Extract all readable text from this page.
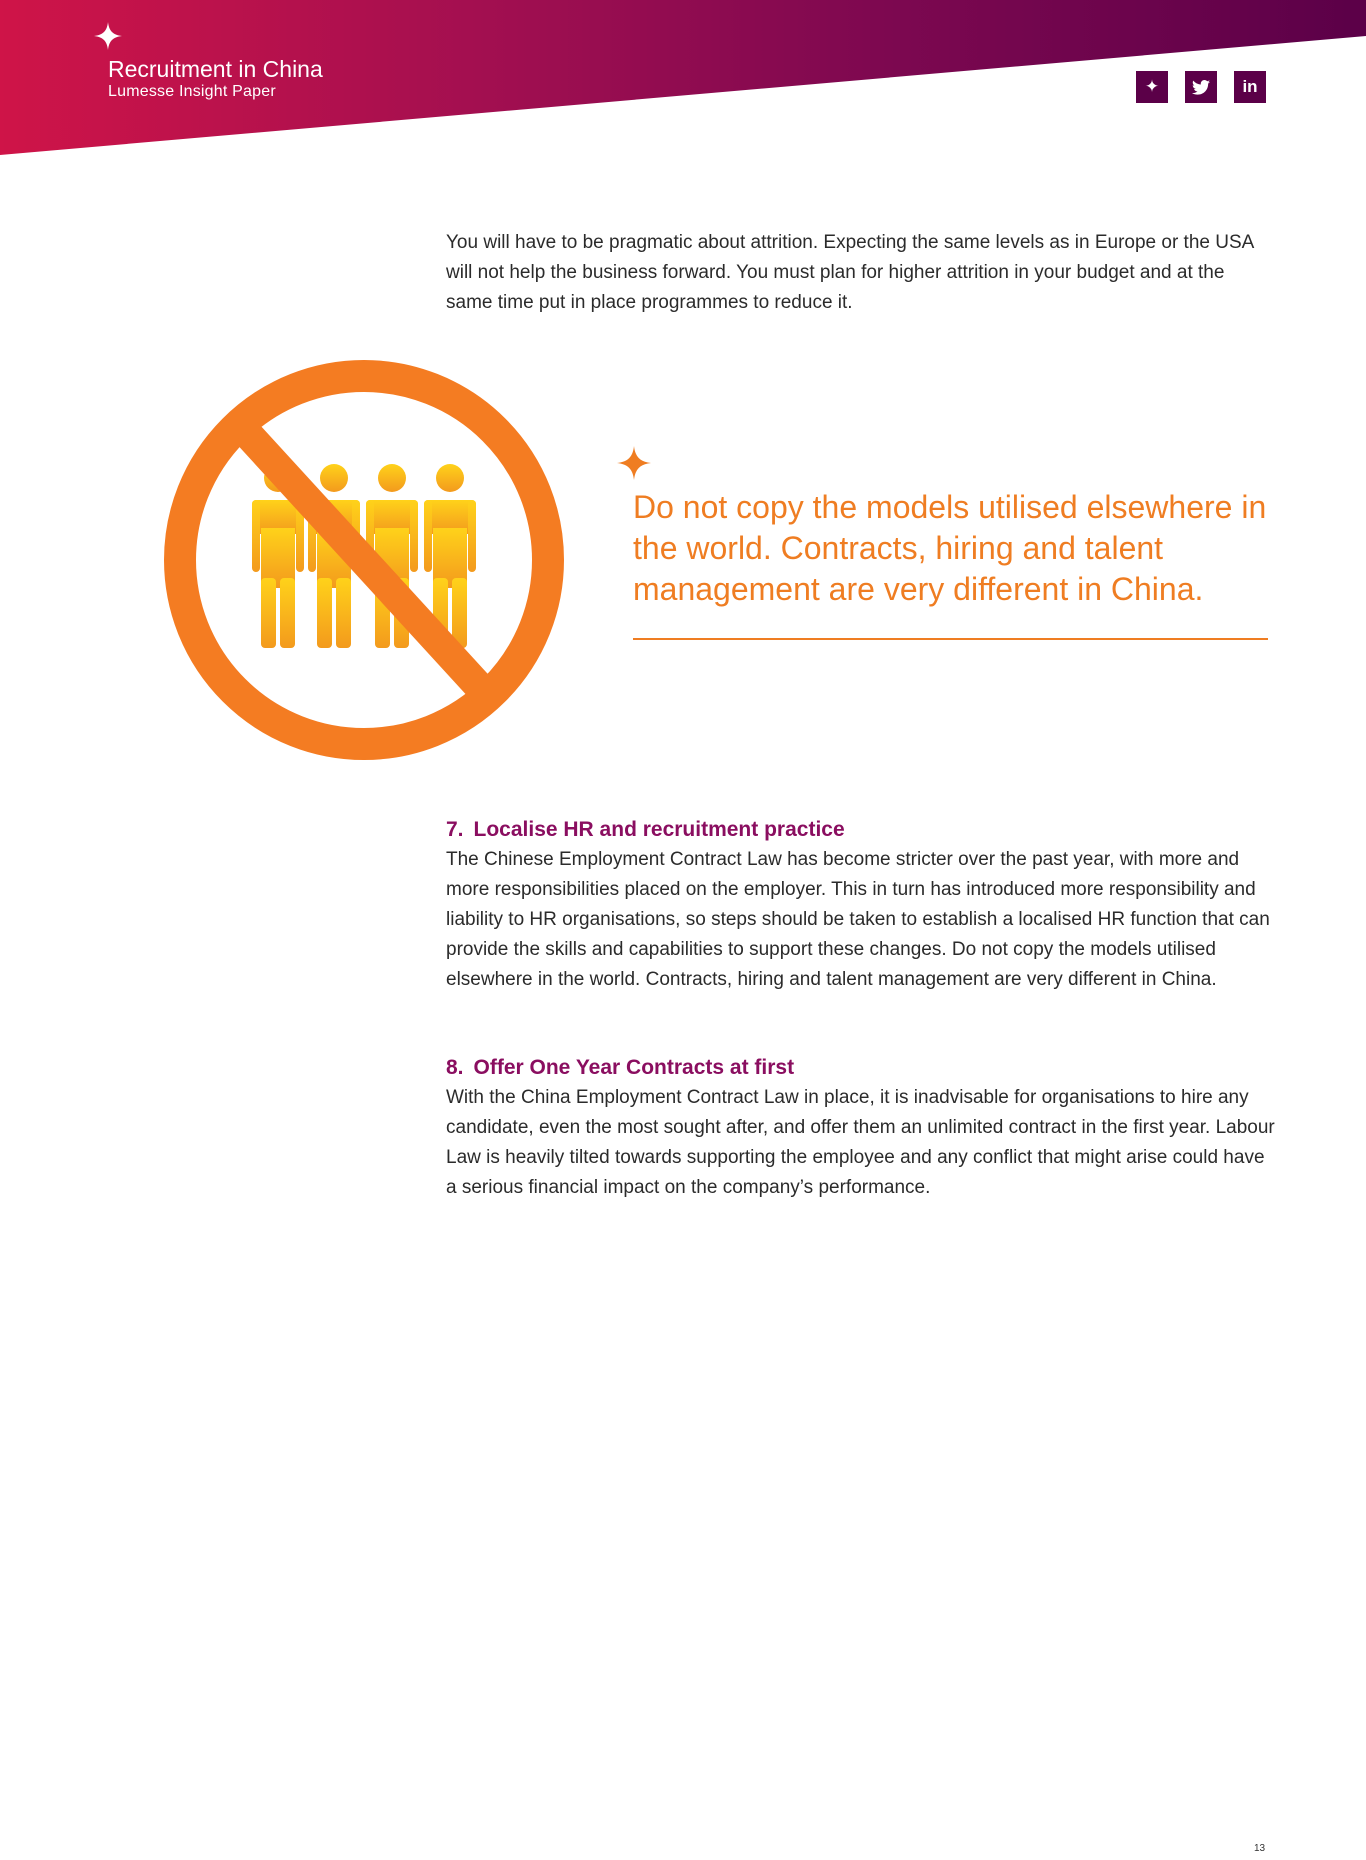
Recruitment in China

Lumesse Insight Paper	✦	in

You will have to be pragmatic about attrition. Expecting the same levels as in Europe or the USA will not help the business forward. You must plan for higher attrition in your budget and at the same time put in place programmes to reduce it.

Do not copy the models utilised elsewhere in the world. Contracts, hiring and talent management are very different in China.

7. Localise HR and recruitment practice

The Chinese Employment Contract Law has become stricter over the past year, with more and more responsibilities placed on the employer. This in turn has introduced more responsibility and liability to HR organisations, so steps should be taken to establish a localised HR function that can provide the skills and capabilities to support these changes. Do not copy the models utilised elsewhere in the world. Contracts, hiring and talent management are very different in China.

8. Offer One Year Contracts at first

With the China Employment Contract Law in place, it is inadvisable for organisations to hire any candidate, even the most sought after, and offer them an unlimited contract in the first year. Labour Law is heavily tilted towards supporting the employee and any conflict that might arise could have a serious financial impact on the company’s performance.

13
